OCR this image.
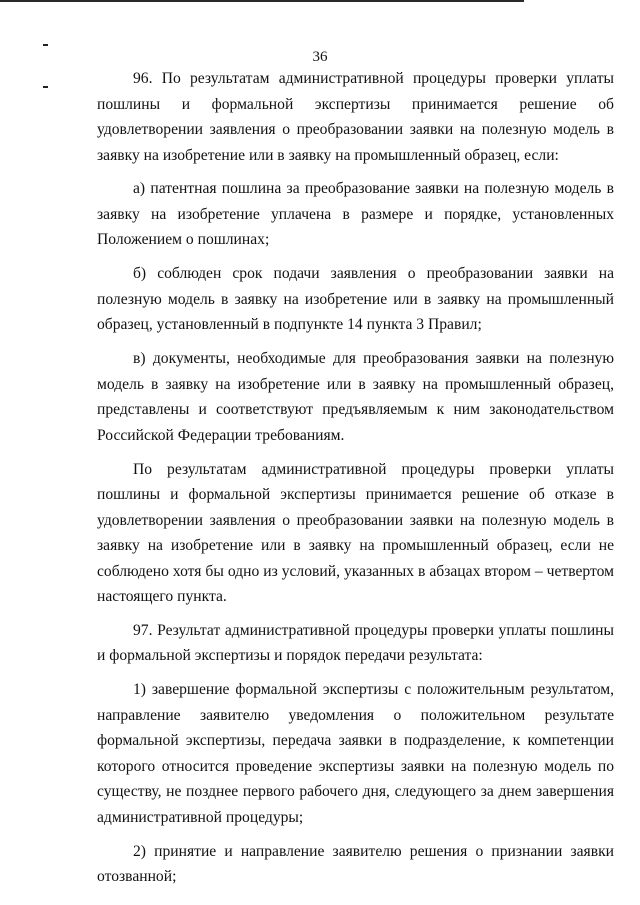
36

96. По результатам административной процедуры проверки уплаты пошлины и формальной экспертизы принимается решение об удовлетворении заявления о преобразовании заявки на полезную модель в заявку на изобретение или в заявку на промышленный образец, если:

а) патентная пошлина за преобразование заявки на полезную модель в заявку на изобретение уплачена в размере и порядке, установленных Положением о пошлинах;

б) соблюден срок подачи заявления о преобразовании заявки на полезную модель в заявку на изобретение или в заявку на промышленный образец, установленный в подпункте 14 пункта 3 Правил;

в) документы, необходимые для преобразования заявки на полезную модель в заявку на изобретение или в заявку на промышленный образец, представлены и соответствуют предъявляемым к ним законодательством Российской Федерации требованиям.

По результатам административной процедуры проверки уплаты пошлины и формальной экспертизы принимается решение об отказе в удовлетворении заявления о преобразовании заявки на полезную модель в заявку на изобретение или в заявку на промышленный образец, если не соблюдено хотя бы одно из условий, указанных в абзацах втором – четвертом настоящего пункта.

97. Результат административной процедуры проверки уплаты пошлины и формальной экспертизы и порядок передачи результата:

1) завершение формальной экспертизы с положительным результатом, направление заявителю уведомления о положительном результате формальной экспертизы, передача заявки в подразделение, к компетенции которого относится проведение экспертизы заявки на полезную модель по существу, не позднее первого рабочего дня, следующего за днем завершения административной процедуры;

2) принятие и направление заявителю решения о признании заявки отозванной;
